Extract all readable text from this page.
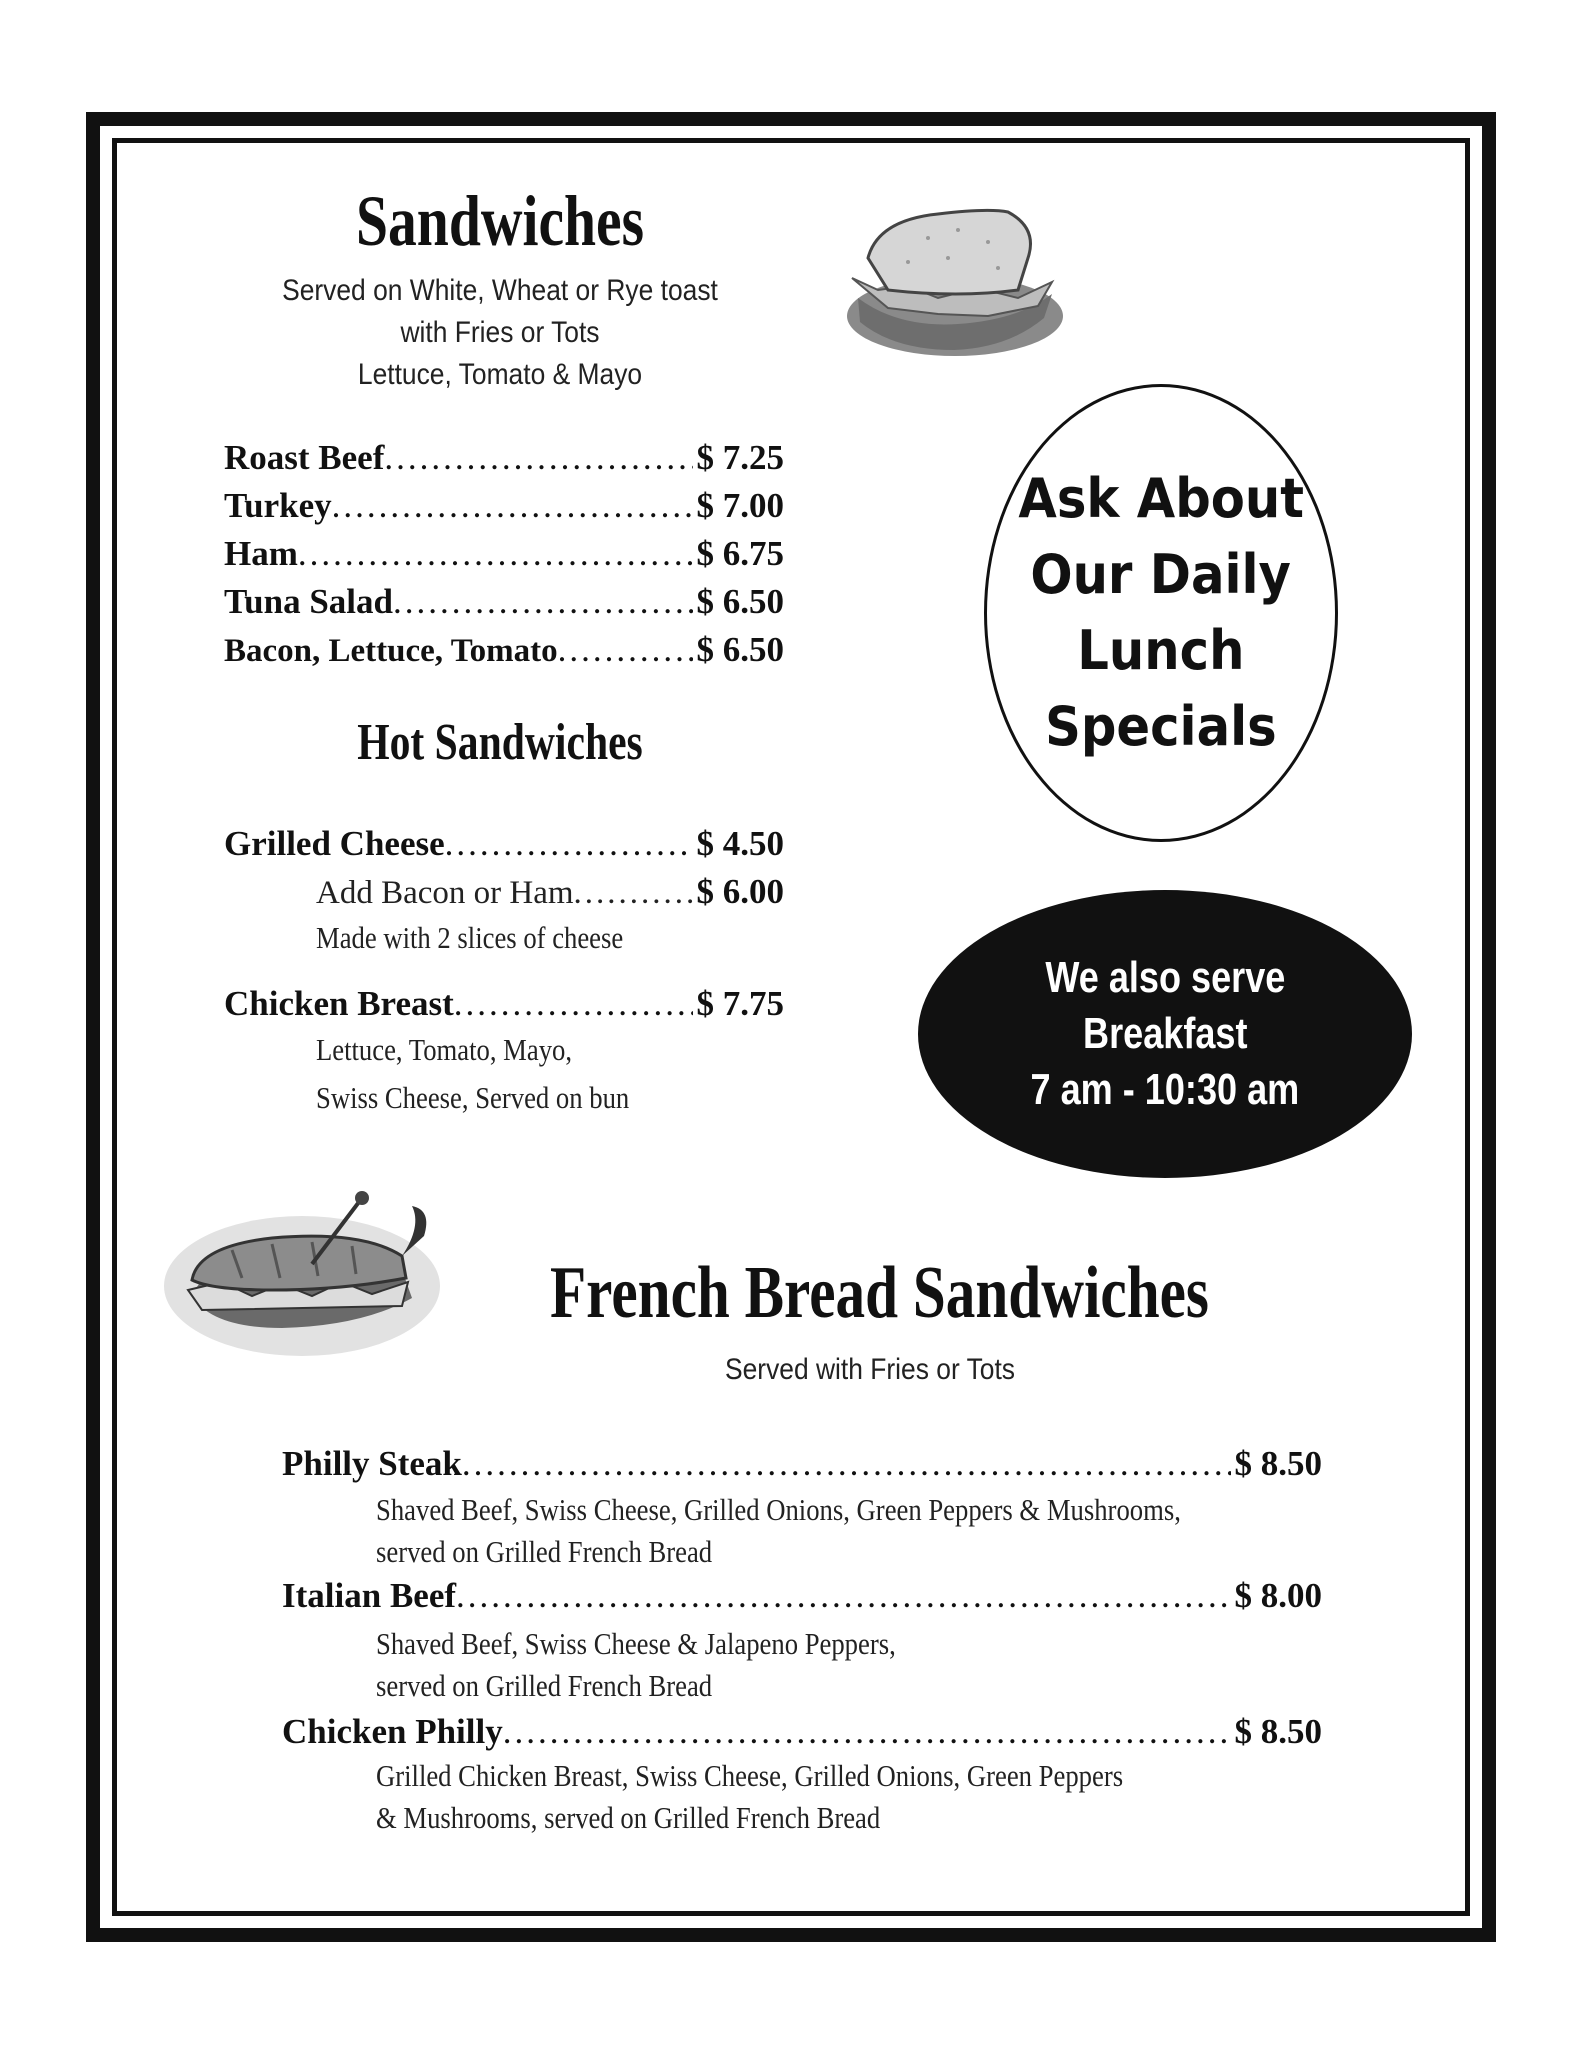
Sandwiches
Served on White, Wheat or Rye toast
with Fries or Tots
Lettuce, Tomato & Mayo
Roast Beef .....	$ 7.25
Turkey .....	$ 7.00
Ham .....	$ 6.75
Tuna Salad .....	$ 6.50
Bacon, Lettuce, Tomato .....	$ 6.50
Hot Sandwiches
Grilled Cheese .....	$ 4.50
Add Bacon or Ham .....	$ 6.00
Made with 2 slices of cheese
Chicken Breast .....	$ 7.75
Lettuce, Tomato, Mayo,
Swiss Cheese, Served on bun
Ask About
Our Daily
Lunch
Specials
We also serve
Breakfast
7 am - 10:30 am
French Bread Sandwiches
Served with Fries or Tots
Philly Steak .....	$ 8.50
Shaved Beef, Swiss Cheese, Grilled Onions, Green Peppers & Mushrooms,
served on Grilled French Bread
Italian Beef .....	$ 8.00
Shaved Beef, Swiss Cheese & Jalapeno Peppers,
served on Grilled French Bread
Chicken Philly .....	$ 8.50
Grilled Chicken Breast, Swiss Cheese, Grilled Onions, Green Peppers
& Mushrooms, served on Grilled French Bread
